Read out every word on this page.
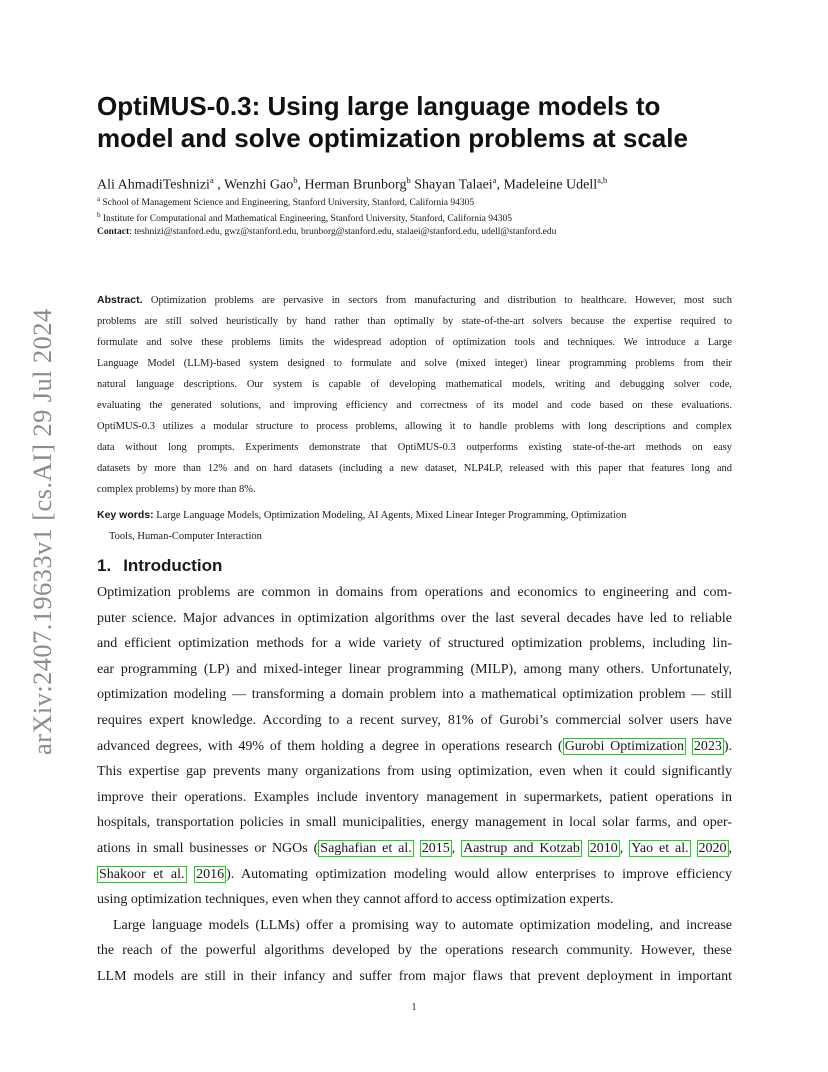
arXiv:2407.19633v1 [cs.AI] 29 Jul 2024
OptiMUS-0.3: Using large language models to
model and solve optimization problems at scale
Ali AhmadiTeshnizi$^a$ , Wenzhi Gao$^b$, Herman Brunborg$^b$ Shayan Talaei$^a$, Madeleine Udell$^{a,b}$
$^a$ School of Management Science and Engineering, Stanford University, Stanford, California 94305
$^b$ Institute for Computational and Mathematical Engineering, Stanford University, Stanford, California 94305
Contact: teshnizi@stanford.edu, gwz@stanford.edu, brunborg@stanford.edu, stalaei@stanford.edu, udell@stanford.edu
Abstract. Optimization problems are pervasive in sectors from manufacturing and distribution to healthcare. However, most such
problems are still solved heuristically by hand rather than optimally by state-of-the-art solvers because the expertise required to
formulate and solve these problems limits the widespread adoption of optimization tools and techniques. We introduce a Large
Language Model (LLM)-based system designed to formulate and solve (mixed integer) linear programming problems from their
natural language descriptions. Our system is capable of developing mathematical models, writing and debugging solver code,
evaluating the generated solutions, and improving efficiency and correctness of its model and code based on these evaluations.
OptiMUS-0.3 utilizes a modular structure to process problems, allowing it to handle problems with long descriptions and complex
data without long prompts. Experiments demonstrate that OptiMUS-0.3 outperforms existing state-of-the-art methods on easy
datasets by more than 12% and on hard datasets (including a new dataset, NLP4LP, released with this paper that features long and
complex problems) by more than 8%.
Key words: Large Language Models, Optimization Modeling, AI Agents, Mixed Linear Integer Programming, Optimization
Tools, Human-Computer Interaction
1. Introduction
Optimization problems are common in domains from operations and economics to engineering and com-
puter science. Major advances in optimization algorithms over the last several decades have led to reliable
and efficient optimization methods for a wide variety of structured optimization problems, including lin-
ear programming (LP) and mixed-integer linear programming (MILP), among many others. Unfortunately,
optimization modeling — transforming a domain problem into a mathematical optimization problem — still
requires expert knowledge. According to a recent survey, 81% of Gurobi’s commercial solver users have
advanced degrees, with 49% of them holding a degree in operations research ( Gurobi Optimization 2023 ).
This expertise gap prevents many organizations from using optimization, even when it could significantly
improve their operations. Examples include inventory management in supermarkets, patient operations in
hospitals, transportation policies in small municipalities, energy management in local solar farms, and oper-
ations in small businesses or NGOs ( Saghafian et al. 2015 , Aastrup and Kotzab 2010 , Yao et al. 2020 ,
Shakoor et al. 2016 ). Automating optimization modeling would allow enterprises to improve efficiency
using optimization techniques, even when they cannot afford to access optimization experts.
Large language models (LLMs) offer a promising way to automate optimization modeling, and increase
the reach of the powerful algorithms developed by the operations research community. However, these
LLM models are still in their infancy and suffer from major flaws that prevent deployment in important
1
